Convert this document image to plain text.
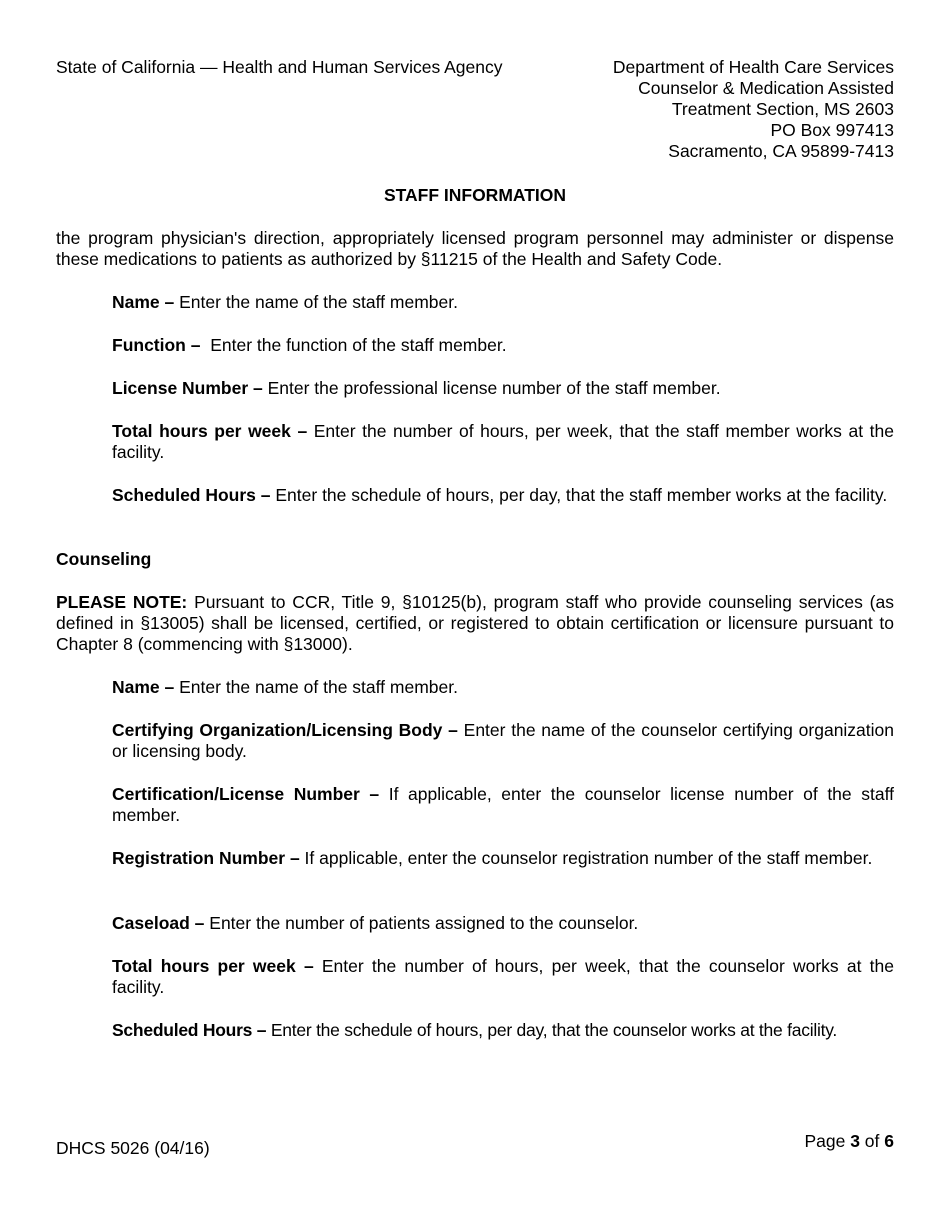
State of California — Health and Human Services Agency	Department of Health Care Services
Counselor & Medication Assisted
Treatment Section, MS 2603
PO Box 997413
Sacramento, CA 95899-7413
STAFF INFORMATION

the program physician's direction, appropriately licensed program personnel may administer or dispense these medications to patients as authorized by §11215 of the Health and Safety Code.

Name – Enter the name of the staff member.

Function –  Enter the function of the staff member.

License Number – Enter the professional license number of the staff member.

Total hours per week – Enter the number of hours, per week, that the staff member works at the facility.

Scheduled Hours – Enter the schedule of hours, per day, that the staff member works at the facility.

Counseling

PLEASE NOTE: Pursuant to CCR, Title 9, §10125(b), program staff who provide counseling services (as defined in §13005) shall be licensed, certified, or registered to obtain certification or licensure pursuant to Chapter 8 (commencing with §13000).

Name – Enter the name of the staff member.

Certifying Organization/Licensing Body – Enter the name of the counselor certifying organization or licensing body.

Certification/License Number – If applicable, enter the counselor license number of the staff member.

Registration Number – If applicable, enter the counselor registration number of the staff member.

Caseload – Enter the number of patients assigned to the counselor.

Total hours per week – Enter the number of hours, per week, that the counselor works at the facility.

Scheduled Hours – Enter the schedule of hours, per day, that the counselor works at the facility.

DHCS 5026 (04/16)	Page 3 of 6
